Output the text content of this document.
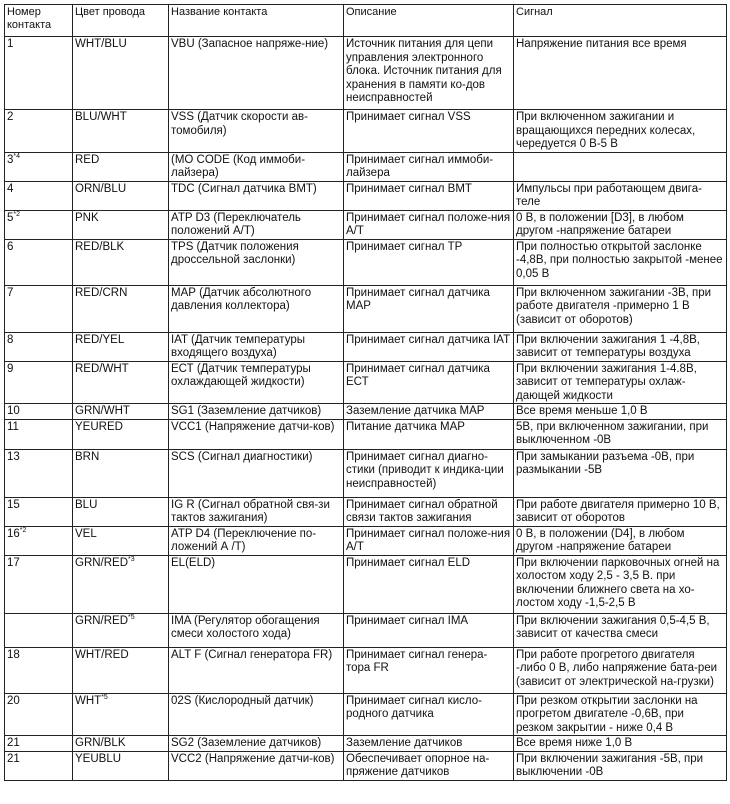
Номер контакта	Цвет провода	Название контакта	Описание	Сигнал
1	WHT/BLU	VBU (Запасное напряже-ние)	Источник питания для цепи управления электронного блока. Источник питания для хранения в памяти ко-дов неисправностей	Напряжение питания все время
2	BLU/WHT	VSS (Датчик скорости ав-томобиля)	Принимает сигнал VSS	При включенном зажигании и вращающихся передних колесах, чередуется 0 В-5 В
3$^{*4}$	RED	(МО CODE (Код иммоби-лайзера)	Принимает сигнал иммоби-лайзера	
4	ORN/BLU	TDC (Сигнал датчика ВМТ)	Принимает сигнал ВМТ	Импульсы при работающем двига-теле
5$^{*2}$	PNK	ATP D3 (Переключатель положений А/Т)	Принимает сигнал положе-ния А/Т	0 В, в положении [D3], в любом другом -напряжение батареи
6	RED/BLK	TPS (Датчик положения дроссельной заслонки)	Принимает сигнал TP	При полностью открытой заслонке -4,8В, при полностью закрытой -менее 0,05 В
7	RED/CRN	МАР (Датчик абсолютного давления коллектора)	Принимает сигнал датчика МАР	При включенном зажигании -3В, при работе двигателя -примерно 1 В (зависит от оборотов)
8	RED/YEL	IAT (Датчик температуры входящего воздуха)	Принимает сигнал датчика IAT	При включении зажигания 1 -4,8В, зависит от температуры воздуха
9	RED/WHT	ЕСТ (Датчик температуры охлаждающей жидкости)	Принимает сигнал датчика ЕСТ	При включении зажигания 1-4.8В, зависит от температуры охлаж-дающей жидкости
10	GRN/WHT	SG1 (Заземление датчиков)	Заземление датчика МАР	Все время меньше 1,0 В
11	YEURED	VCC1 (Напряжение датчи-ков)	Питание датчика МАР	5В, при включенном зажигании, при выключенном -0В
13	BRN	SCS (Сигнал диагностики)	Принимает сигнал диагно-стики (приводит к индика-ции неисправностей)	При замыкании разъема -0В, при размыкании -5В
15	BLU	IG R (Сигнал обратной свя-зи тактов зажигания)	Принимает сигнал обратной связи тактов зажигания	При работе двигателя примерно 10 В, зависит от оборотов
16$^{*2}$	VEL	ATP D4 (Переключение по-ложений А /Т)	Принимает сигнал положе-ния А/Т	0 В, в положении (D4], в любом другом -напряжение батареи
17	GRN/RED$^{*3}$	EL(ELD)	Принимает сигнал ELD	При включении парковочных огней на холостом ходу 2,5 - 3,5 В. при включении ближнего света на хо-лостом ходу -1,5-2,5 В
	GRN/RED$^{*5}$	IMA (Регулятор обогащения смеси холостого хода)	Принимает сигнал IMA	При включении зажигания 0,5-4,5 В, зависит от качества смеси
18	WHT/RED	ALT F (Сигнал генератора FR)	Принимает сигнал генера-тора FR	При работе прогретого двигателя -либо 0 В, либо напряжение бата-реи (зависит от электрической на-грузки)
20	WHT$^{*5}$	02S (Кислородный датчик)	Принимает сигнал кисло-родного датчика	При резком открытии заслонки на прогретом двигателе -0,6В, при резком закрытии - ниже 0,4 В
21	GRN/BLK	SG2 (Заземление датчиков)	Заземление датчиков	Все время ниже 1,0 В
21	YEUBLU	VCC2 (Напряжение датчи-ков)	Обеспечивает опорное на-пряжение датчиков	При включении зажигания -5В, при выключении -0В
